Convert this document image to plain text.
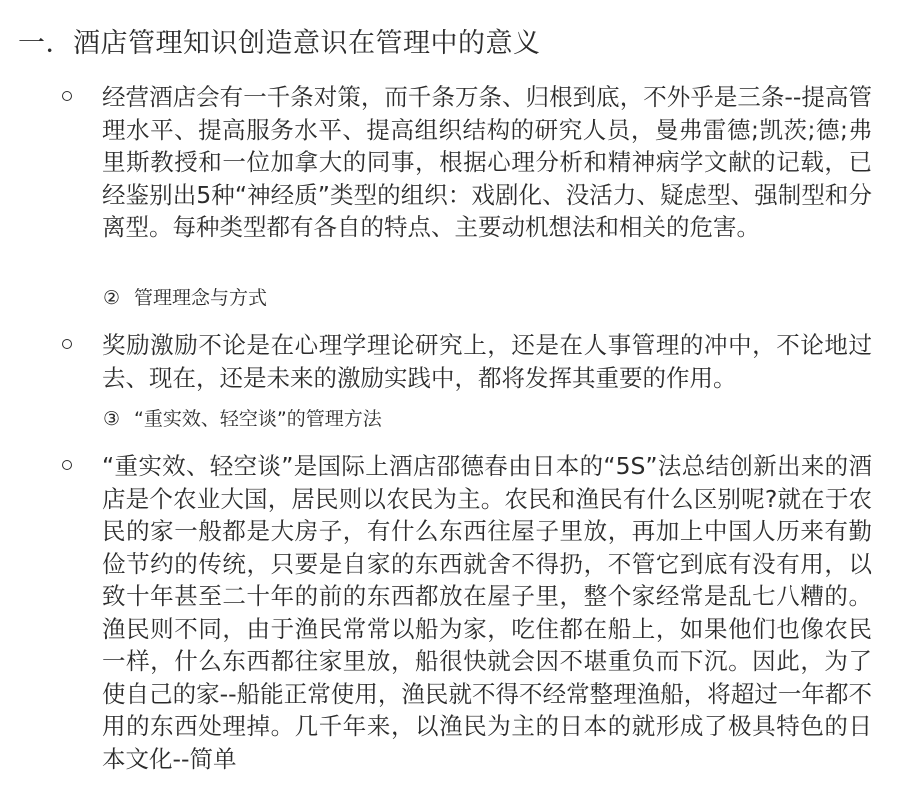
一．酒店管理知识创造意识在管理中的意义
经营酒店会有一千条对策，而千条万条、归根到底，不外乎是三条--提高管理水平、提高服务水平、提高组织结构的研究人员，曼弗雷德;凯茨;德;弗里斯教授和一位加拿大的同事，根据心理分析和精神病学文献的记载，已经鉴别出5种“神经质”类型的组织：戏剧化、没活力、疑虑型、强制型和分离型。每种类型都有各自的特点、主要动机想法和相关的危害。
② 管理理念与方式
奖励激励不论是在心理学理论研究上，还是在人事管理的冲中，不论地过去、现在，还是未来的激励实践中，都将发挥其重要的作用。
③ “重实效、轻空谈”的管理方法
“重实效、轻空谈”是国际上酒店邵德春由日本的“5S”法总结创新出来的酒店是个农业大国，居民则以农民为主。农民和渔民有什么区别呢?就在于农民的家一般都是大房子，有什么东西往屋子里放，再加上中国人历来有勤俭节约的传统，只要是自家的东西就舍不得扔，不管它到底有没有用，以致十年甚至二十年的前的东西都放在屋子里，整个家经常是乱七八糟的。渔民则不同，由于渔民常常以船为家，吃住都在船上，如果他们也像农民一样，什么东西都往家里放，船很快就会因不堪重负而下沉。因此，为了使自己的家--船能正常使用，渔民就不得不经常整理渔船，将超过一年都不用的东西处理掉。几千年来，以渔民为主的日本的就形成了极具特色的日本文化--简单
